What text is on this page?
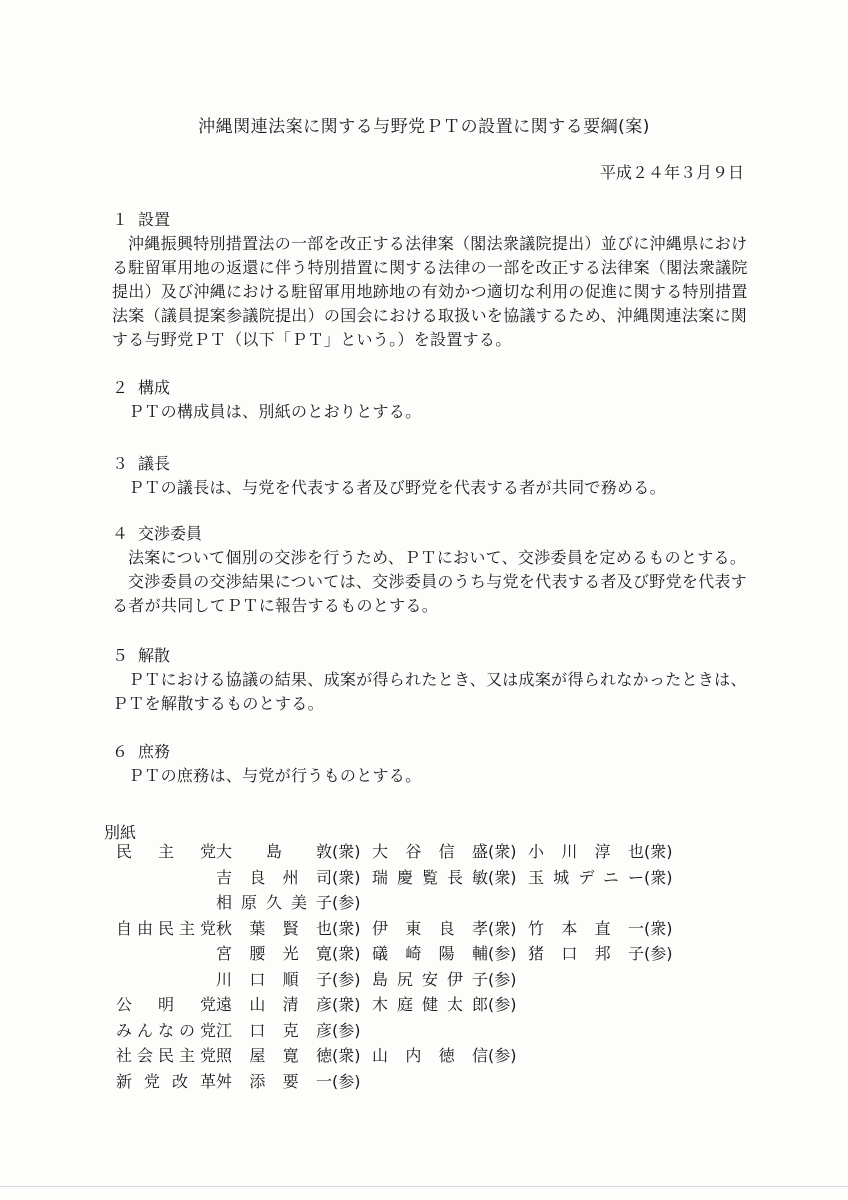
沖縄関連法案に関する与野党ＰＴの設置に関する要綱(案)
平成２４年３月９日
１ 設置

沖縄振興特別措置法の一部を改正する法律案（閣法衆議院提出）並びに沖縄県における駐留軍用地の返還に伴う特別措置に関する法律の一部を改正する法律案（閣法衆議院提出）及び沖縄における駐留軍用地跡地の有効かつ適切な利用の促進に関する特別措置法案（議員提案参議院提出）の国会における取扱いを協議するため、沖縄関連法案に関する与野党ＰＴ（以下「ＰＴ」という。）を設置する。

２ 構成

ＰＴの構成員は、別紙のとおりとする。

３ 議長

ＰＴの議長は、与党を代表する者及び野党を代表する者が共同で務める。

４ 交渉委員

法案について個別の交渉を行うため、ＰＴにおいて、交渉委員を定めるものとする。

交渉委員の交渉結果については、交渉委員のうち与党を代表する者及び野党を代表する者が共同してＰＴに報告するものとする。

５ 解散

ＰＴにおける協議の結果、成案が得られたとき、又は成案が得られなかったときは、ＰＴを解散するものとする。

６ 庶務

ＰＴの庶務は、与党が行うものとする。

別紙
民主党	大島敦(衆)	大谷信盛(衆)	小川淳也(衆)
	吉良州司(衆)	瑞慶覧長敏(衆)	玉城デニー(衆)
	相原久美子(参)		

自由民主党	秋葉賢也(衆)	伊東良孝(衆)	竹本直一(衆)
	宮腰光寛(衆)	礒崎陽輔(参)	猪口邦子(参)
	川口順子(参)	島尻安伊子(参)	

公明党	遠山清彦(衆)	木庭健太郎(参)	

みんなの党	江口克彦(参)		

社会民主党	照屋寛徳(衆)	山内徳信(参)	

新党改革	舛添要一(参)		
